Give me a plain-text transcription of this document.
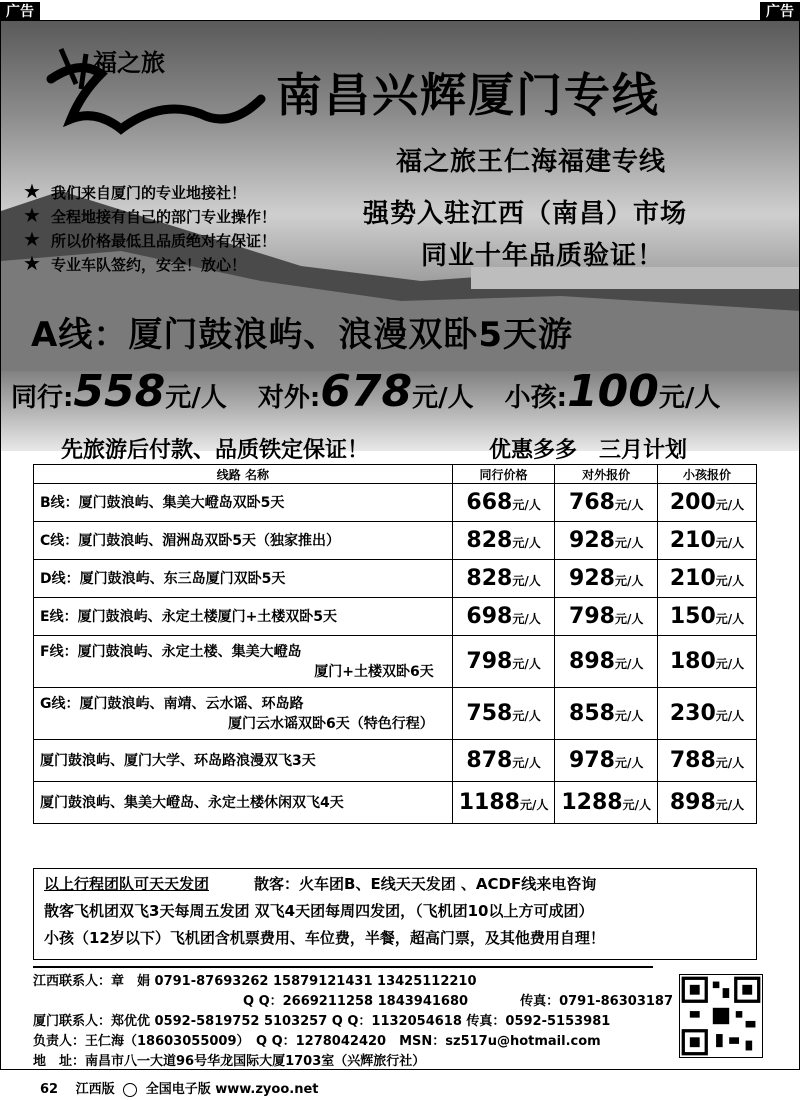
广告	广告
福之旅
南昌兴辉厦门专线
福之旅王仁海福建专线
强势入驻江西（南昌）市场
同业十年品质验证！
★ 我们来自厦门的专业地接社！
★ 全程地接有自己的部门专业操作！
★ 所以价格最低且品质绝对有保证！
★ 专业车队签约，安全！放心！
A线：厦门鼓浪屿、浪漫双卧5天游
同行:558元/人 对外:678元/人 小孩:100元/人
先旅游后付款、品质铁定保证！	优惠多多　三月计划
线路 名称	同行价格	对外报价	小孩报价
B线：厦门鼓浪屿、集美大嶝岛双卧5天	668元/人	768元/人	200元/人
C线：厦门鼓浪屿、湄洲岛双卧5天（独家推出）	828元/人	928元/人	210元/人
D线：厦门鼓浪屿、东三岛厦门双卧5天	828元/人	928元/人	210元/人
E线：厦门鼓浪屿、永定土楼厦门+土楼双卧5天	698元/人	798元/人	150元/人
F线：厦门鼓浪屿、永定土楼、集美大嶝岛
厦门+土楼双卧6天	798元/人	898元/人	180元/人
G线：厦门鼓浪屿、南靖、云水谣、环岛路
厦门云水谣双卧6天（特色行程）	758元/人	858元/人	230元/人
厦门鼓浪屿、厦门大学、环岛路浪漫双飞3天	878元/人	978元/人	788元/人
厦门鼓浪屿、集美大嶝岛、永定土楼休闲双飞4天	1188元/人	1288元/人	898元/人
以上行程团队可天天发团　　　	散客：火车团B、E线天天发团 、ACDF线来电咨询
散客飞机团双飞3天每周五发团 双飞4天团每周四发团，（飞机团10以上方可成团）
小孩（12岁以下）飞机团含机票费用、车位费，半餐，超高门票，及其他费用自理！
江西联系人：章　娟 0791-87693262 15879121431 13425112210
Q Q：2669211258 1843941680　　　　传真：0791-86303187
厦门联系人：郑优优 0592-5819752 5103257 Q Q：1132054618 传真：0592-5153981
负责人：王仁海（18603055009）　Q Q：1278042420　MSN：sz517u@hotmail.com
地　址：南昌市八一大道96号华龙国际大厦1703室（兴辉旅行社）
62　 江西版 全国电子版 www.zyoo.net
